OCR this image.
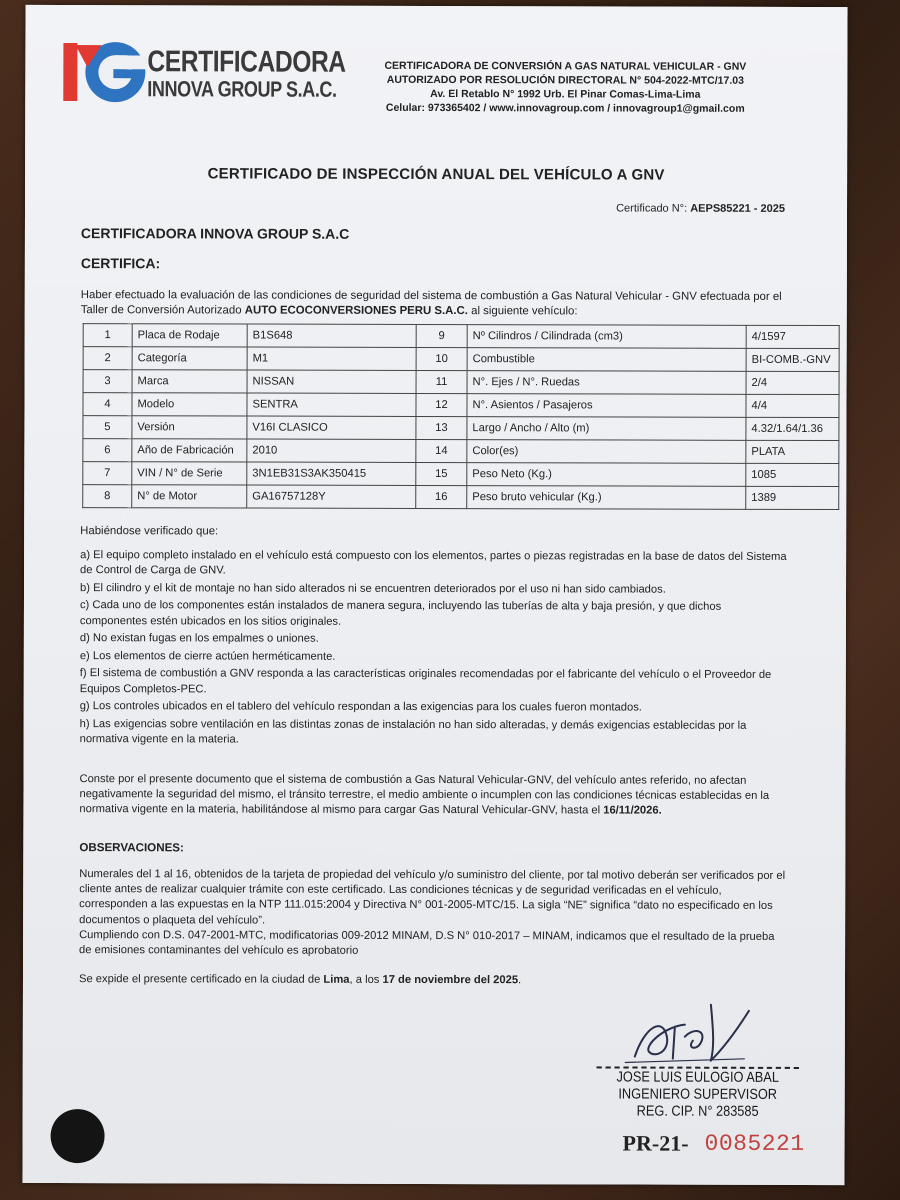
CERTIFICADORA
INNOVA GROUP S.A.C.
CERTIFICADORA DE CONVERSIÓN A GAS NATURAL VEHICULAR - GNV
AUTORIZADO POR RESOLUCIÓN DIRECTORAL N° 504-2022-MTC/17.03
Av. El Retablo N° 1992 Urb. El Pinar Comas-Lima-Lima
Celular: 973365402 / www.innovagroup.com / innovagroup1@gmail.com
CERTIFICADO DE INSPECCIÓN ANUAL DEL VEHÍCULO A GNV
Certificado N°: AEPS85221 - 2025
CERTIFICADORA INNOVA GROUP S.A.C
CERTIFICA:
Haber efectuado la evaluación de las condiciones de seguridad del sistema de combustión a Gas Natural Vehicular - GNV efectuada por el Taller de Conversión Autorizado AUTO ECOCONVERSIONES PERU S.A.C. al siguiente vehículo:
1	Placa de Rodaje	B1S648	9	Nº Cilindros / Cilindrada (cm3)	4/1597
2	Categoría	M1	10	Combustible	BI-COMB.-GNV
3	Marca	NISSAN	11	N°. Ejes / N°. Ruedas	2/4
4	Modelo	SENTRA	12	N°. Asientos / Pasajeros	4/4
5	Versión	V16I CLASICO	13	Largo / Ancho / Alto (m)	4.32/1.64/1.36
6	Año de Fabricación	2010	14	Color(es)	PLATA
7	VIN / N° de Serie	3N1EB31S3AK350415	15	Peso Neto (Kg.)	1085
8	N° de Motor	GA16757128Y	16	Peso bruto vehicular (Kg.)	1389
Habiéndose verificado que:

a) El equipo completo instalado en el vehículo está compuesto con los elementos, partes o piezas registradas en la base de datos del Sistema de Control de Carga de GNV.

b) El cilindro y el kit de montaje no han sido alterados ni se encuentren deteriorados por el uso ni han sido cambiados.

c) Cada uno de los componentes están instalados de manera segura, incluyendo las tuberías de alta y baja presión, y que dichos componentes estén ubicados en los sitios originales.

d) No existan fugas en los empalmes o uniones.

e) Los elementos de cierre actúen herméticamente.

f) El sistema de combustión a GNV responda a las características originales recomendadas por el fabricante del vehículo o el Proveedor de Equipos Completos-PEC.

g) Los controles ubicados en el tablero del vehículo respondan a las exigencias para los cuales fueron montados.

h) Las exigencias sobre ventilación en las distintas zonas de instalación no han sido alteradas, y demás exigencias establecidas por la normativa vigente en la materia.

Conste por el presente documento que el sistema de combustión a Gas Natural Vehicular-GNV, del vehículo antes referido, no afectan negativamente la seguridad del mismo, el tránsito terrestre, el medio ambiente o incumplen con las condiciones técnicas establecidas en la normativa vigente en la materia, habilitándose al mismo para cargar Gas Natural Vehicular-GNV, hasta el 16/11/2026.
OBSERVACIONES:

Numerales del 1 al 16, obtenidos de la tarjeta de propiedad del vehículo y/o suministro del cliente, por tal motivo deberán ser verificados por el cliente antes de realizar cualquier trámite con este certificado. Las condiciones técnicas y de seguridad verificadas en el vehículo, corresponden a las expuestas en la NTP 111.015:2004 y Directiva N° 001-2005-MTC/15. La sigla “NE” significa “dato no especificado en los documentos o plaqueta del vehículo”.

Cumpliendo con D.S. 047-2001-MTC, modificatorias 009-2012 MINAM, D.S N° 010-2017 – MINAM, indicamos que el resultado de la prueba de emisiones contaminantes del vehículo es aprobatorio

Se expide el presente certificado en la ciudad de Lima, a los 17 de noviembre del 2025.
JOSE LUIS EULOGIO ABAL
INGENIERO SUPERVISOR
REG. CIP. N° 283585
PR-21- 0085221
